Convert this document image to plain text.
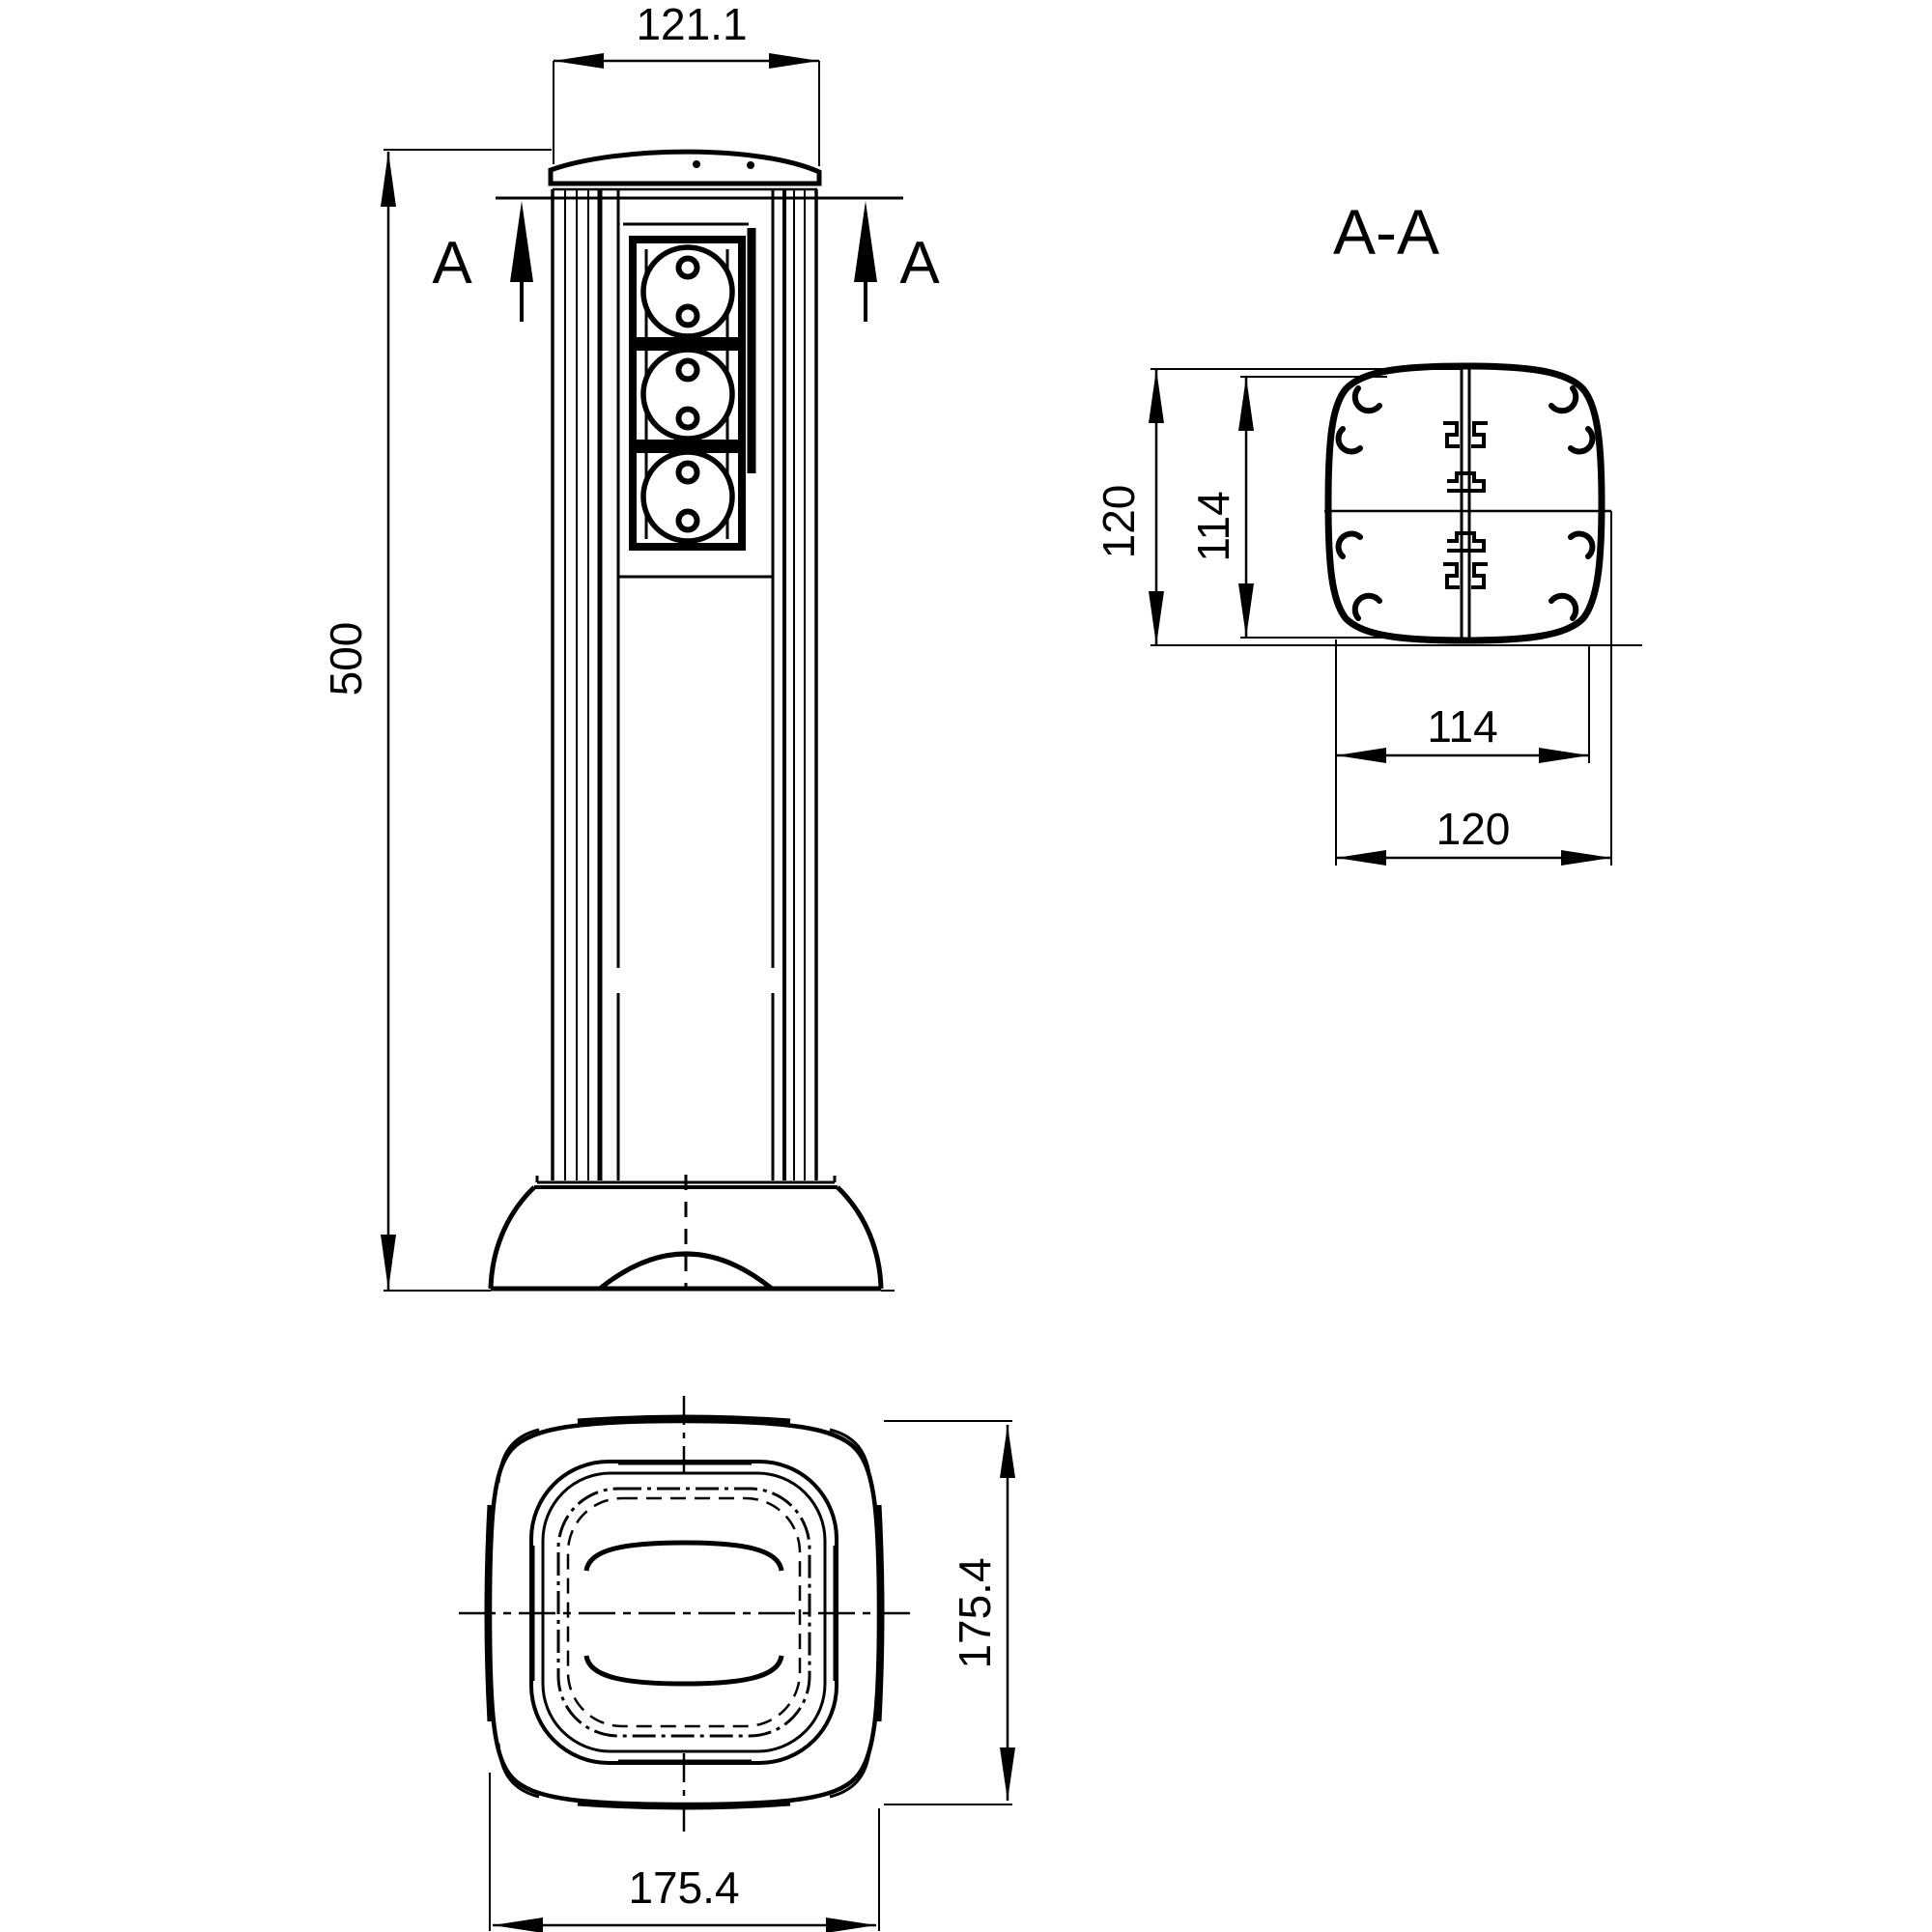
121.1
500
A	A	A-A
120 114
114
120
175.4
175.4
